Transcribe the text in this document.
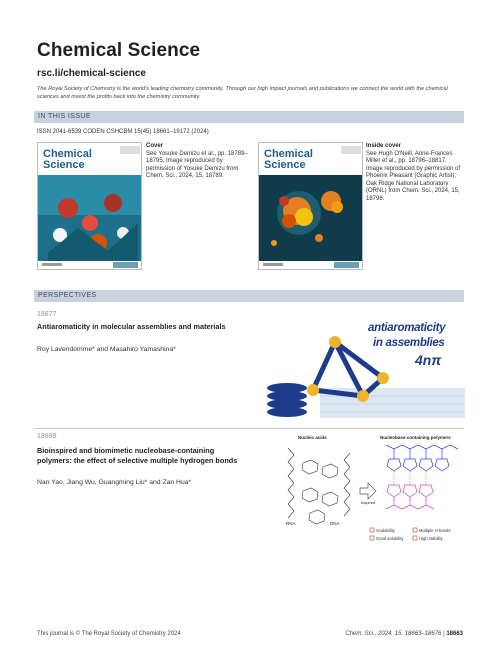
Chemical Science
rsc.li/chemical-science
The Royal Society of Chemistry is the world's leading chemistry community. Through our high impact journals and publications we connect the world with the chemical sciences and invest the profits back into the chemistry community.
IN THIS ISSUE
ISSN 2041-6539 CODEN CSHCBM 15(45) 18661–19172 (2024)
Chemical Science
Cover
See Yosuke Demizu et al., pp. 18789–18795. Image reproduced by permission of Yosuke Demizu from Chem. Sci., 2024, 15, 18789.
Chemical Science
Inside cover
See Hugh O'Neill, Anne-Frances Miller et al., pp. 18796–18817. Image reproduced by permission of Phoenix Pleasant (Graphic Artist); Oak Ridge National Laboratory (ORNL) from Chem. Sci., 2024, 15, 18796.
PERSPECTIVES
18677
Antiaromaticity in molecular assemblies and materials
Roy Lavendomme* and Masahiro Yamashina*
antiaromaticity
in assemblies
4nπ
18698
Bioinspired and biomimetic nucleobase-containing polymers: the effect of selective multiple hydrogen bonds
Nan Yao, Jiang Wu, Guangming Liu* and Zan Hua*
Nucleic acids	Nucleobase-containing polymers
RNA	DNA
Inspired
Scalability	Multiple H-bonds
Good solubility	High stability
This journal is © The Royal Society of Chemistry 2024	Chem. Sci., 2024, 15, 18663–18676 | 18663
